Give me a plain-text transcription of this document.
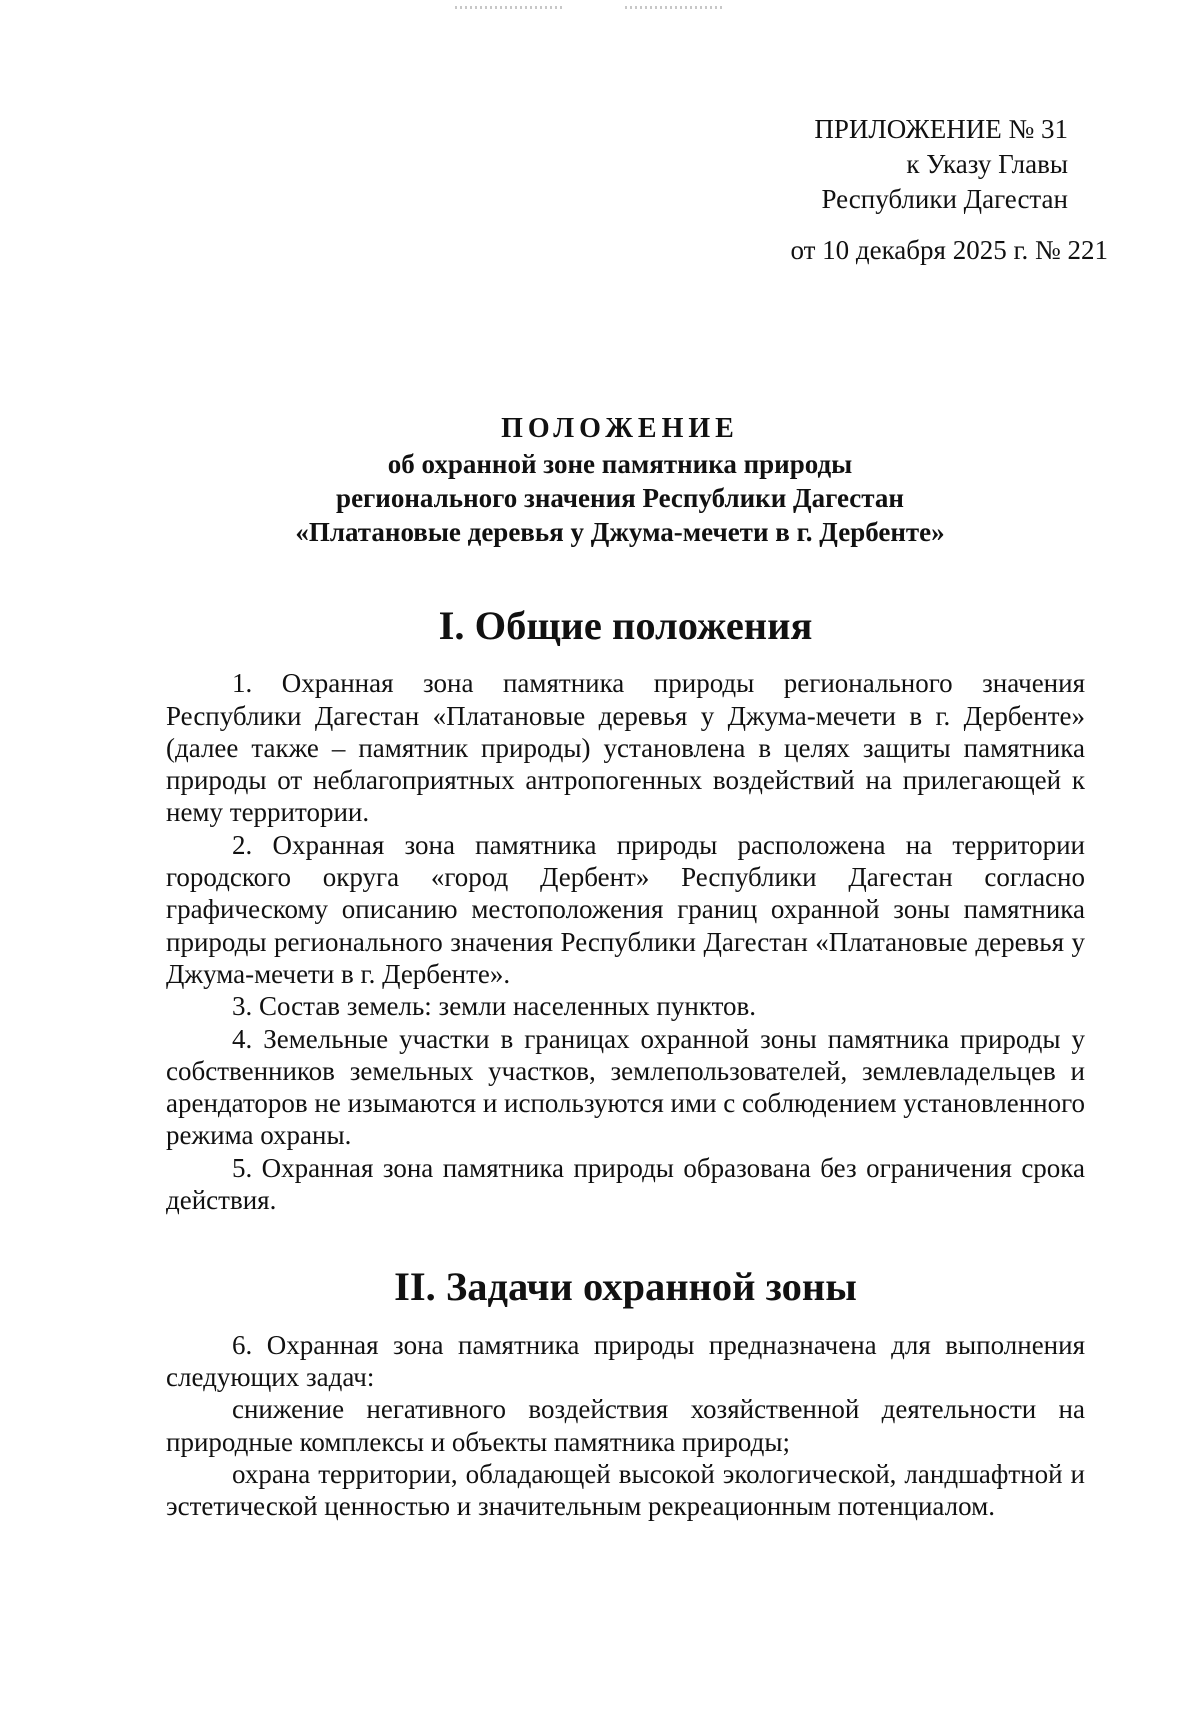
ПРИЛОЖЕНИЕ № 31
к Указу Главы
Республики Дагестан
от 10 декабря 2025 г. № 221
ПОЛОЖЕНИЕ
об охранной зоне памятника природы
регионального значения Республики Дагестан
«Платановые деревья у Джума-мечети в г. Дербенте»
I. Общие положения

1. Охранная зона памятника природы регионального значения Республики Дагестан «Платановые деревья у Джума-мечети в г. Дербенте» (далее также – памятник природы) установлена в целях защиты памятника природы от неблагоприятных антропогенных воздействий на прилегающей к нему территории.

2. Охранная зона памятника природы расположена на территории городского округа «город Дербент» Республики Дагестан согласно графическому описанию местоположения границ охранной зоны памятника природы регионального значения Республики Дагестан «Платановые деревья у Джума-мечети в г. Дербенте».

3. Состав земель: земли населенных пунктов.

4. Земельные участки в границах охранной зоны памятника природы у собственников земельных участков, землепользователей, землевладельцев и арендаторов не изымаются и используются ими с соблюдением установленного режима охраны.

5. Охранная зона памятника природы образована без ограничения срока действия.

II. Задачи охранной зоны

6. Охранная зона памятника природы предназначена для выполнения следующих задач:

снижение негативного воздействия хозяйственной деятельности на природные комплексы и объекты памятника природы;

охрана территории, обладающей высокой экологической, ландшафтной и эстетической ценностью и значительным рекреационным потенциалом.
